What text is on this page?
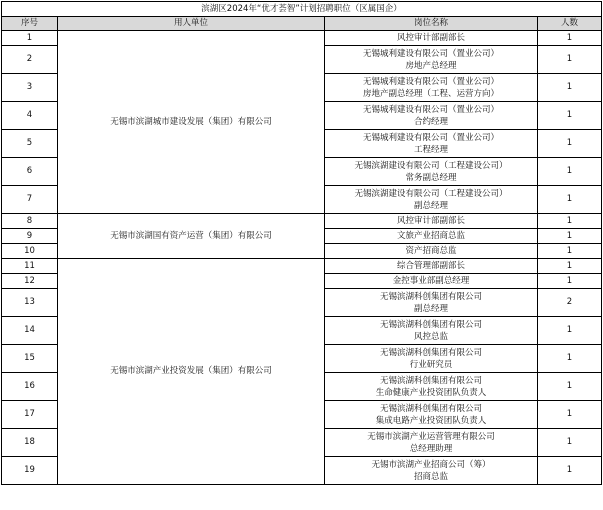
滨湖区2024年“优才荟智”计划招聘职位（区属国企）			
序号	用人单位	岗位名称	人数
1	无锡市滨湖城市建设发展（集团）有限公司	风控审计部副部长	1
2		无锡城利建设有限公司（置业公司）
房地产总经理	1
3		无锡城利建设有限公司（置业公司）
房地产副总经理（工程、运营方向）	1
4		无锡城利建设有限公司（置业公司）
合约经理	1
5		无锡城利建设有限公司（置业公司）
工程经理	1
6		无锡滨湖建设有限公司（工程建设公司）
常务副总经理	1
7		无锡滨湖建设有限公司（工程建设公司）
副总经理	1
8	无锡市滨湖国有资产运营（集团）有限公司	风控审计部副部长	1
9		文旅产业招商总监	1
10		资产招商总监	1
11	无锡市滨湖产业投资发展（集团）有限公司	综合管理部副部长	1
12		金控事业部副总经理	1
13		无锡滨湖科创集团有限公司
副总经理	2
14		无锡滨湖科创集团有限公司
风控总监	1
15		无锡滨湖科创集团有限公司
行业研究员	1
16		无锡滨湖科创集团有限公司
生命健康产业投资团队负责人	1
17		无锡滨湖科创集团有限公司
集成电路产业投资团队负责人	1
18		无锡市滨湖产业运营管理有限公司
总经理助理	1
19		无锡市滨湖产业招商公司（筹）
招商总监	1
